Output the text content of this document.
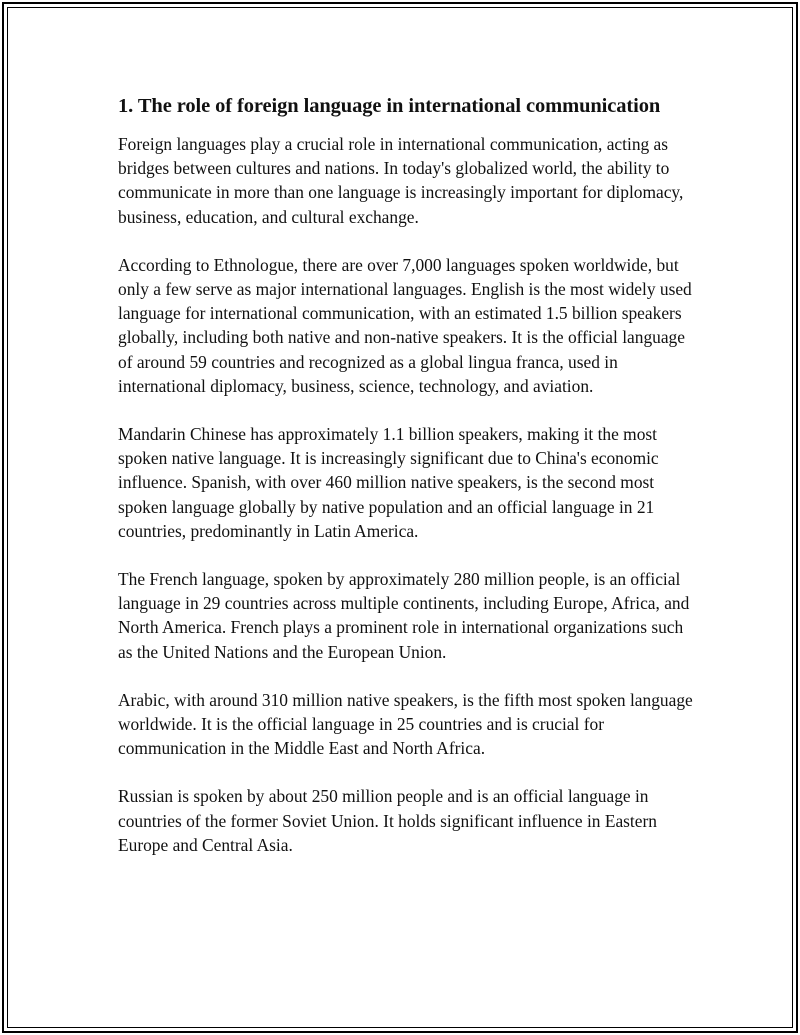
1. The role of foreign language in international communication

Foreign languages play a crucial role in international communication, acting as bridges between cultures and nations. In today's globalized world, the ability to communicate in more than one language is increasingly important for diplomacy, business, education, and cultural exchange.

According to Ethnologue, there are over 7,000 languages spoken worldwide, but only a few serve as major international languages. English is the most widely used language for international communication, with an estimated 1.5 billion speakers globally, including both native and non-native speakers. It is the official language of around 59 countries and recognized as a global lingua franca, used in international diplomacy, business, science, technology, and aviation.

Mandarin Chinese has approximately 1.1 billion speakers, making it the most spoken native language. It is increasingly significant due to China's economic influence. Spanish, with over 460 million native speakers, is the second most spoken language globally by native population and an official language in 21 countries, predominantly in Latin America.

The French language, spoken by approximately 280 million people, is an official language in 29 countries across multiple continents, including Europe, Africa, and North America. French plays a prominent role in international organizations such as the United Nations and the European Union.

Arabic, with around 310 million native speakers, is the fifth most spoken language worldwide. It is the official language in 25 countries and is crucial for communication in the Middle East and North Africa.

Russian is spoken by about 250 million people and is an official language in countries of the former Soviet Union. It holds significant influence in Eastern Europe and Central Asia.
